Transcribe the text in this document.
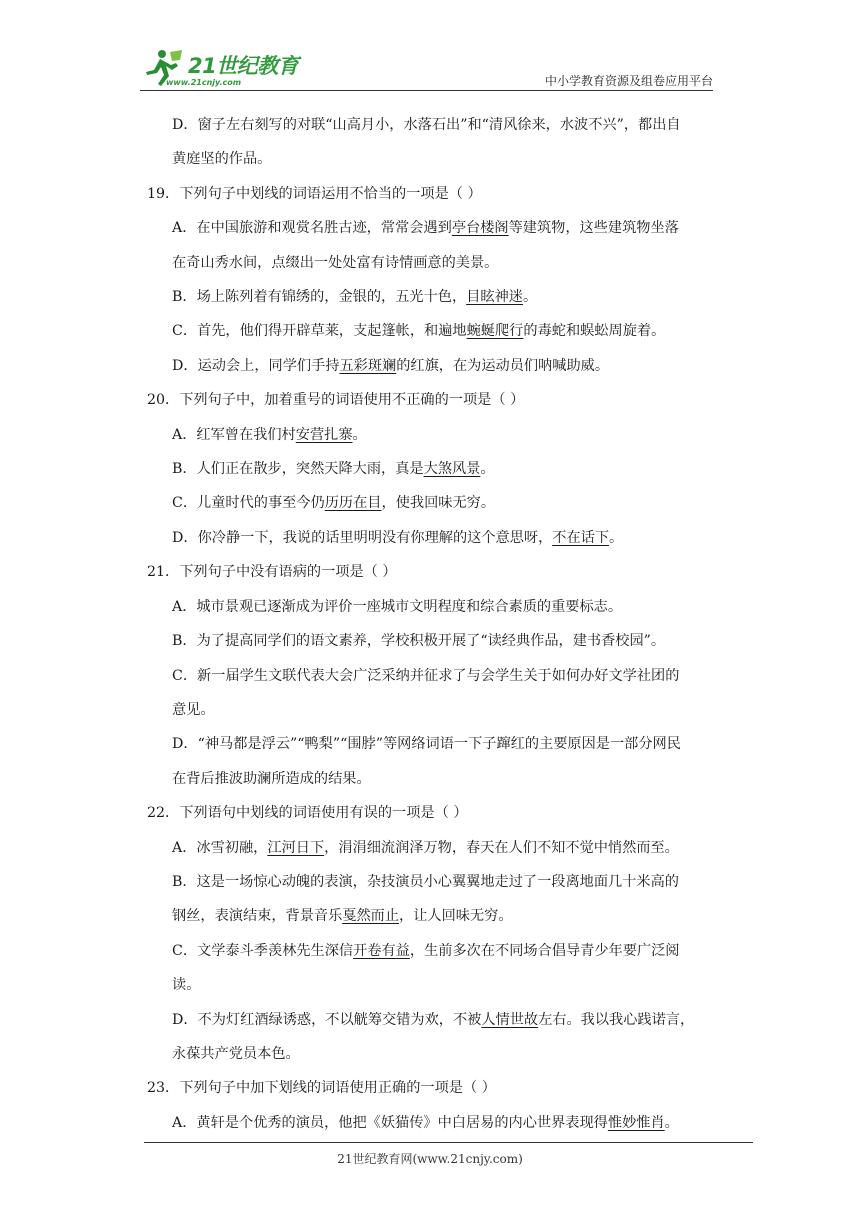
21世纪教育
www.21cnjy.com	中小学教育资源及组卷应用平台
D．窗子左右刻写的对联“山高月小，水落石出”和“清风徐来，水波不兴”，都出自
黄庭坚的作品。
19．下列句子中划线的词语运用不恰当的一项是（ ）
A．在中国旅游和观赏名胜古迹，常常会遇到亭台楼阁等建筑物，这些建筑物坐落
在奇山秀水间，点缀出一处处富有诗情画意的美景。
B．场上陈列着有锦绣的，金银的，五光十色，目眩神迷。
C．首先，他们得开辟草莱，支起篷帐，和遍地蜿蜒爬行的毒蛇和蜈蚣周旋着。
D．运动会上，同学们手持五彩斑斓的红旗，在为运动员们呐喊助威。
20．下列句子中，加着重号的词语使用不正确的一项是（ ）
A．红军曾在我们村安营扎寨。
B．人们正在散步，突然天降大雨，真是大煞风景。
C．儿童时代的事至今仍历历在目，使我回味无穷。
D．你冷静一下，我说的话里明明没有你理解的这个意思呀，不在话下。
21．下列句子中没有语病的一项是（ ）
A．城市景观已逐渐成为评价一座城市文明程度和综合素质的重要标志。
B．为了提高同学们的语文素养，学校积极开展了“读经典作品，建书香校园”。
C．新一届学生文联代表大会广泛采纳并征求了与会学生关于如何办好文学社团的
意见。
D．“神马都是浮云”“鸭梨”“围脖”等网络词语一下子蹿红的主要原因是一部分网民
在背后推波助澜所造成的结果。
22．下列语句中划线的词语使用有误的一项是（ ）
A．冰雪初融，江河日下，涓涓细流润泽万物，春天在人们不知不觉中悄然而至。
B．这是一场惊心动魄的表演，杂技演员小心翼翼地走过了一段离地面几十米高的
钢丝，表演结束，背景音乐戛然而止，让人回味无穷。
C．文学泰斗季羡林先生深信开卷有益，生前多次在不同场合倡导青少年要广泛阅
读。
D．不为灯红酒绿诱惑，不以觥筹交错为欢，不被人情世故左右。我以我心践诺言，
永葆共产党员本色。
23．下列句子中加下划线的词语使用正确的一项是（ ）
A．黄轩是个优秀的演员，他把《妖猫传》中白居易的内心世界表现得惟妙惟肖。
21世纪教育网(www.21cnjy.com)
